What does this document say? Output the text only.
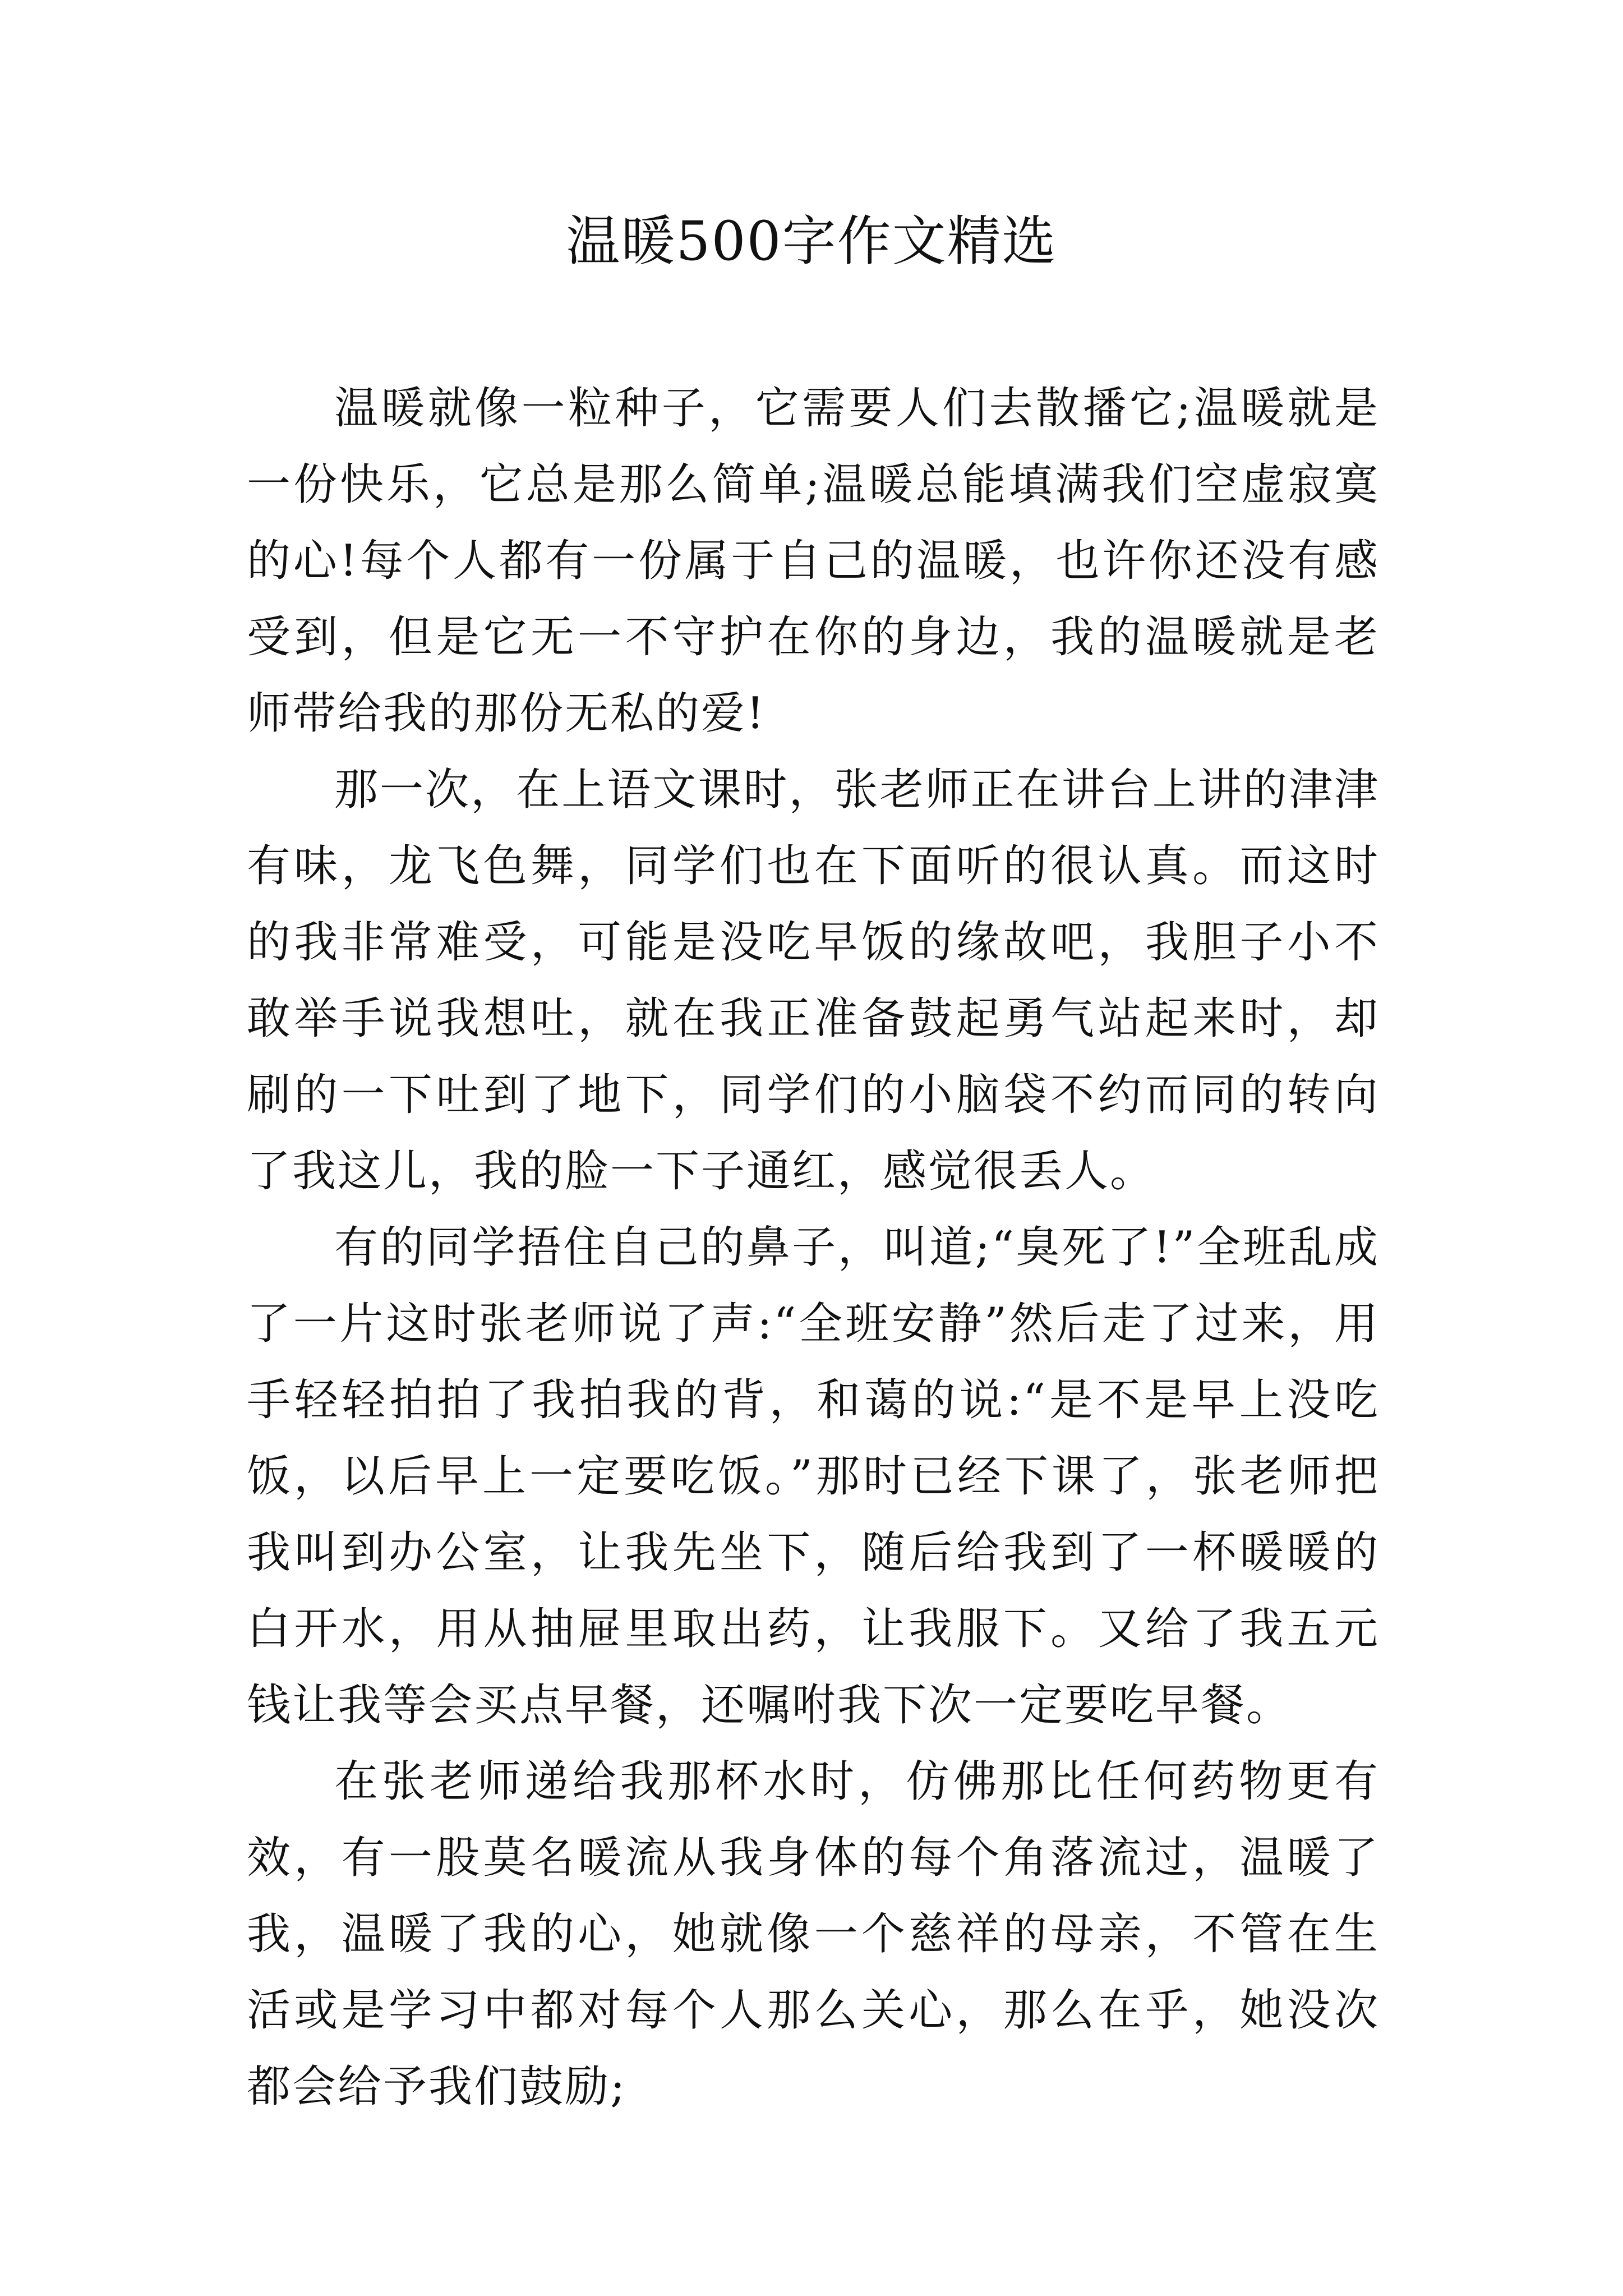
温暖500字作文精选

温暖就像一粒种子，它需要人们去散播它;温暖就是一份快乐，它总是那么简单;温暖总能填满我们空虚寂寞的心!每个人都有一份属于自己的温暖，也许你还没有感受到，但是它无一不守护在你的身边，我的温暖就是老师带给我的那份无私的爱!

那一次，在上语文课时，张老师正在讲台上讲的津津有味，龙飞色舞，同学们也在下面听的很认真。而这时的我非常难受，可能是没吃早饭的缘故吧，我胆子小不敢举手说我想吐，就在我正准备鼓起勇气站起来时，却刷的一下吐到了地下，同学们的小脑袋不约而同的转向了我这儿，我的脸一下子通红，感觉很丢人。

有的同学捂住自己的鼻子，叫道;“臭死了!”全班乱成了一片这时张老师说了声:“全班安静”然后走了过来，用手轻轻拍拍了我拍我的背，和蔼的说:“是不是早上没吃饭，以后早上一定要吃饭。”那时已经下课了，张老师把我叫到办公室，让我先坐下，随后给我到了一杯暖暖的白开水，用从抽屉里取出药，让我服下。又给了我五元钱让我等会买点早餐，还嘱咐我下次一定要吃早餐。

在张老师递给我那杯水时，仿佛那比任何药物更有效，有一股莫名暖流从我身体的每个角落流过，温暖了我，温暖了我的心，她就像一个慈祥的母亲，不管在生活或是学习中都对每个人那么关心，那么在乎，她没次都会给予我们鼓励;
